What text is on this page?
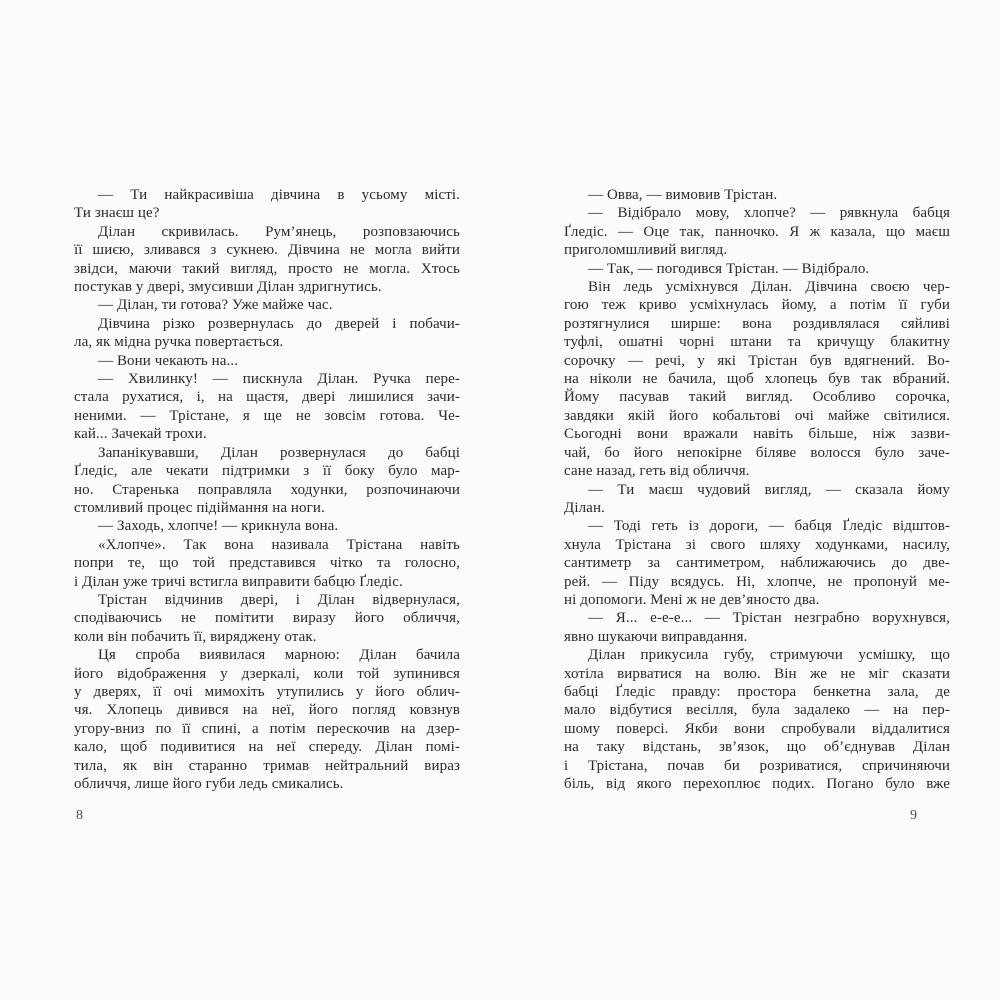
— Ти найкрасивіша дівчина в усьому місті.
Ти знаєш це?
Ділан скривилась. Рум’янець, розповзаючись
її шиєю, зливався з сукнею. Дівчина не могла вийти
звідси, маючи такий вигляд, просто не могла. Хтось
постукав у двері, змусивши Ділан здригнутись.
— Ділан, ти готова? Уже майже час.
Дівчина різко розвернулась до дверей і побачи-
ла, як мідна ручка повертається.
— Вони чекають на...
— Хвилинку! — пискнула Ділан. Ручка пере-
стала рухатися, і, на щастя, двері лишилися зачи-
неними. — Трістане, я ще не зовсім готова. Че-
кай... Зачекай трохи.
Запанікувавши, Ділан розвернулася до бабці
Ґледіс, але чекати підтримки з її боку було мар-
но. Старенька поправляла ходунки, розпочинаючи
стомливий процес підіймання на ноги.
— Заходь, хлопче! — крикнула вона.
«Хлопче». Так вона називала Трістана навіть
попри те, що той представився чітко та голосно,
і Ділан уже тричі встигла виправити бабцю Ґледіс.
Трістан відчинив двері, і Ділан відвернулася,
сподіваючись не помітити виразу його обличчя,
коли він побачить її, виряджену отак.
Ця спроба виявилася марною: Ділан бачила
його відображення у дзеркалі, коли той зупинився
у дверях, її очі мимохіть утупились у його облич-
чя. Хлопець дивився на неї, його погляд ковзнув
угору-вниз по її спині, а потім перескочив на дзер-
кало, щоб подивитися на неї спереду. Ділан помі-
тила, як він старанно тримав нейтральний вираз
обличчя, лише його губи ледь смикались.
8
— Овва, — вимовив Трістан.
— Відібрало мову, хлопче? — рявкнула бабця
Ґледіс. — Оце так, панночко. Я ж казала, що маєш
приголомшливий вигляд.
— Так, — погодився Трістан. — Відібрало.
Він ледь усміхнувся Ділан. Дівчина своєю чер-
гою теж криво усміхнулась йому, а потім її губи
розтягнулися ширше: вона роздивлялася сяйливі
туфлі, ошатні чорні штани та кричущу блакитну
сорочку — речі, у які Трістан був вдягнений. Во-
на ніколи не бачила, щоб хлопець був так вбраний.
Йому пасував такий вигляд. Особливо сорочка,
завдяки якій його кобальтові очі майже світилися.
Сьогодні вони вражали навіть більше, ніж зазви-
чай, бо його непокірне біляве волосся було заче-
сане назад, геть від обличчя.
— Ти маєш чудовий вигляд, — сказала йому
Ділан.
— Тоді геть із дороги, — бабця Ґледіс відштов-
хнула Трістана зі свого шляху ходунками, насилу,
сантиметр за сантиметром, наближаючись до две-
рей. — Піду всядусь. Ні, хлопче, не пропонуй ме-
ні допомоги. Мені ж не дев’яносто два.
— Я... е-е-е... — Трістан незграбно ворухнувся,
явно шукаючи виправдання.
Ділан прикусила губу, стримуючи усмішку, що
хотіла вирватися на волю. Він же не міг сказати
бабці Ґледіс правду: простора бенкетна зала, де
мало відбутися весілля, була задалеко — на пер-
шому поверсі. Якби вони спробували віддалитися
на таку відстань, зв’язок, що об’єднував Ділан
і Трістана, почав би розриватися, спричиняючи
біль, від якого перехоплює подих. Погано було вже
9
